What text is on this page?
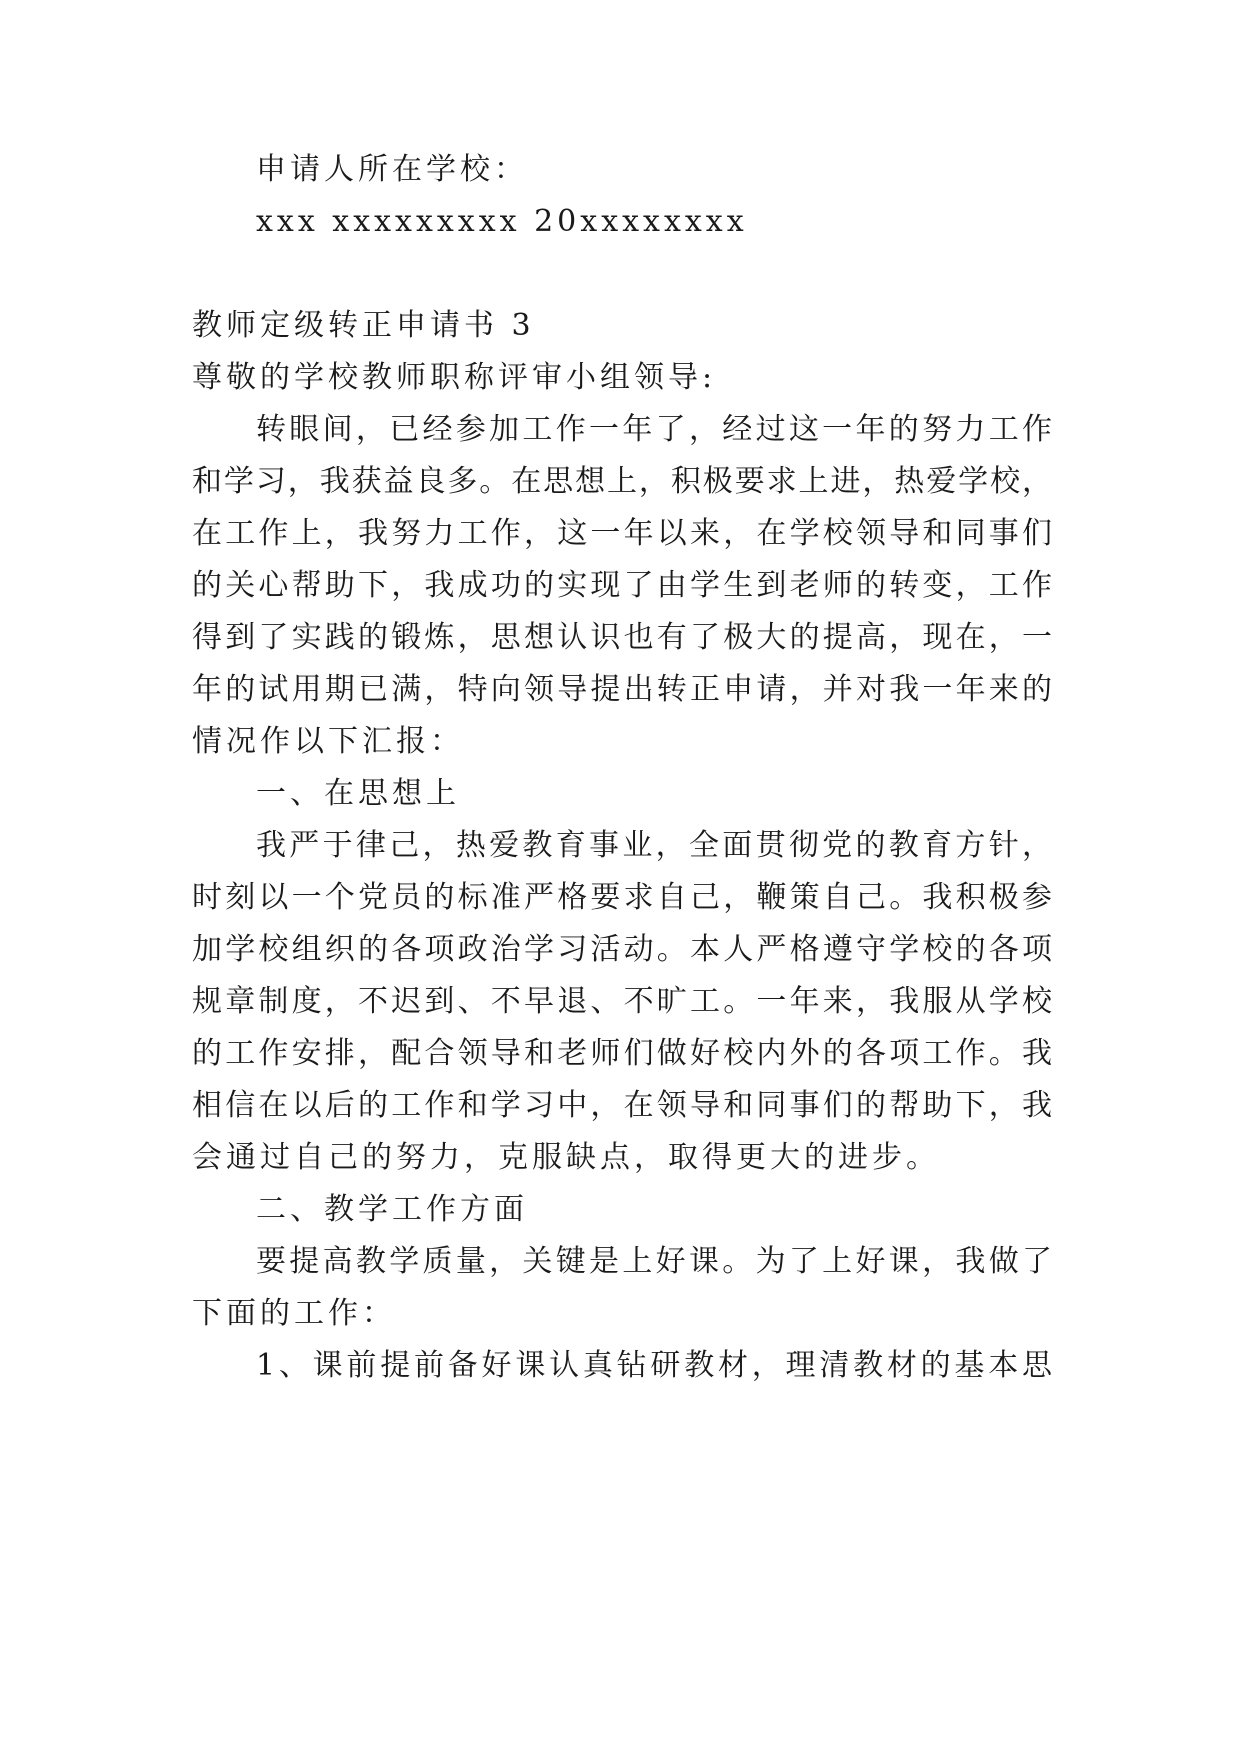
申请人所在学校：
xxx xxxxxxxxx 20xxxxxxxx
教师定级转正申请书 3
尊敬的学校教师职称评审小组领导:
转眼间，已经参加工作一年了，经过这一年的努力工作
和学习，我获益良多。在思想上，积极要求上进，热爱学校，
在工作上，我努力工作，这一年以来，在学校领导和同事们
的关心帮助下，我成功的实现了由学生到老师的转变，工作
得到了实践的锻炼，思想认识也有了极大的提高，现在，一
年的试用期已满，特向领导提出转正申请，并对我一年来的
情况作以下汇报：
一、在思想上
我严于律己，热爱教育事业，全面贯彻党的教育方针，
时刻以一个党员的标准严格要求自己，鞭策自己。我积极参
加学校组织的各项政治学习活动。本人严格遵守学校的各项
规章制度，不迟到、不早退、不旷工。一年来，我服从学校
的工作安排，配合领导和老师们做好校内外的各项工作。我
相信在以后的工作和学习中，在领导和同事们的帮助下，我
会通过自己的努力，克服缺点，取得更大的进步。
二、教学工作方面
要提高教学质量，关键是上好课。为了上好课，我做了
下面的工作：
1、课前提前备好课认真钻研教材，理清教材的基本思
